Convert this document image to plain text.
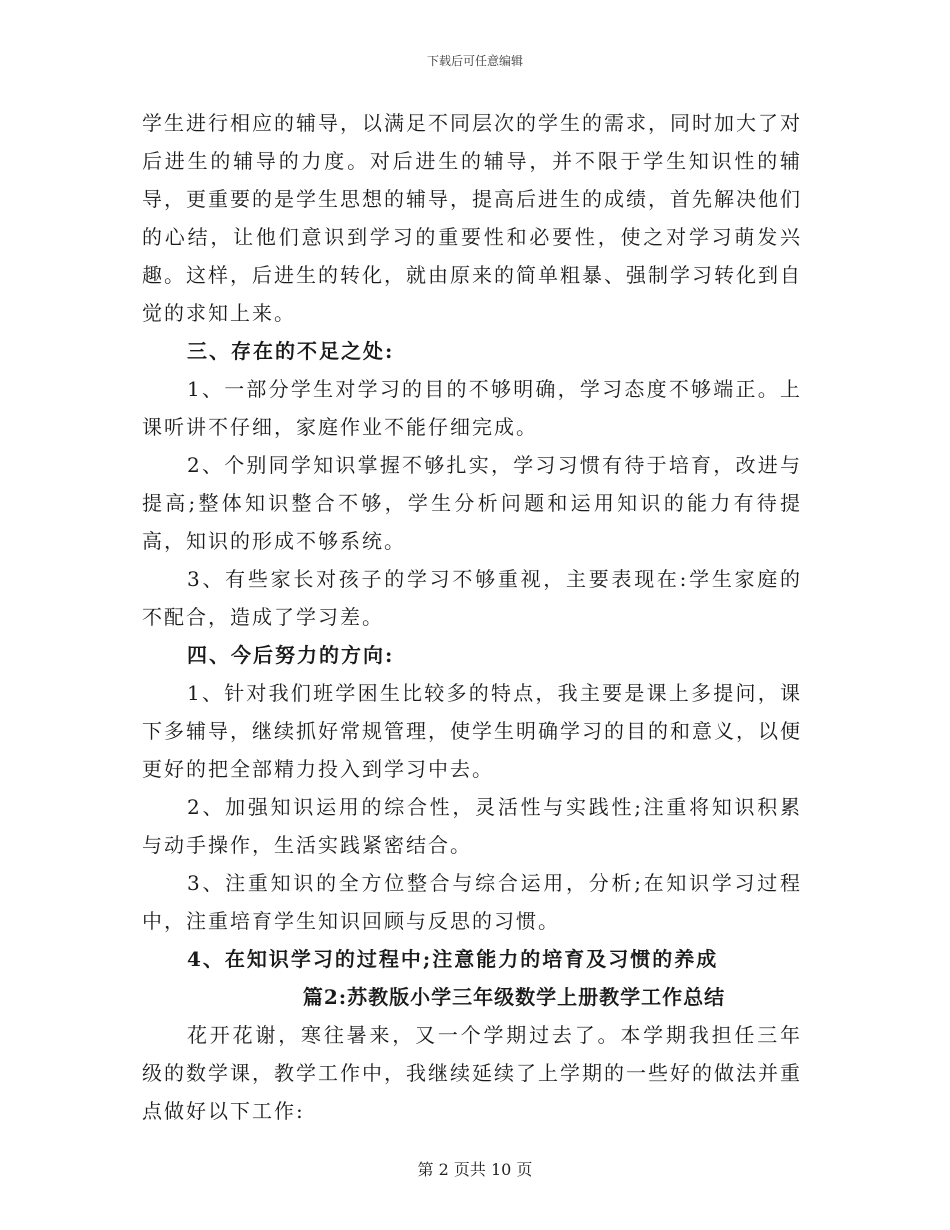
下载后可任意编辑

学生进行相应的辅导，以满足不同层次的学生的需求，同时加大了对后进生的辅导的力度。对后进生的辅导，并不限于学生知识性的辅导，更重要的是学生思想的辅导，提高后进生的成绩，首先解决他们的心结，让他们意识到学习的重要性和必要性，使之对学习萌发兴趣。这样，后进生的转化，就由原来的简单粗暴、强制学习转化到自觉的求知上来。

三、存在的不足之处:

1、一部分学生对学习的目的不够明确，学习态度不够端正。上课听讲不仔细，家庭作业不能仔细完成。

2、个别同学知识掌握不够扎实，学习习惯有待于培育，改进与提高;整体知识整合不够，学生分析问题和运用知识的能力有待提高，知识的形成不够系统。

3、有些家长对孩子的学习不够重视，主要表现在:学生家庭的不配合，造成了学习差。

四、今后努力的方向:

1、针对我们班学困生比较多的特点，我主要是课上多提问，课下多辅导，继续抓好常规管理，使学生明确学习的目的和意义，以便更好的把全部精力投入到学习中去。

2、加强知识运用的综合性，灵活性与实践性;注重将知识积累与动手操作，生活实践紧密结合。

3、注重知识的全方位整合与综合运用，分析;在知识学习过程中，注重培育学生知识回顾与反思的习惯。

4、在知识学习的过程中;注意能力的培育及习惯的养成

篇2:苏教版小学三年级数学上册教学工作总结

花开花谢，寒往暑来，又一个学期过去了。本学期我担任三年级的数学课，教学工作中，我继续延续了上学期的一些好的做法并重点做好以下工作:

第 2 页共 10 页
